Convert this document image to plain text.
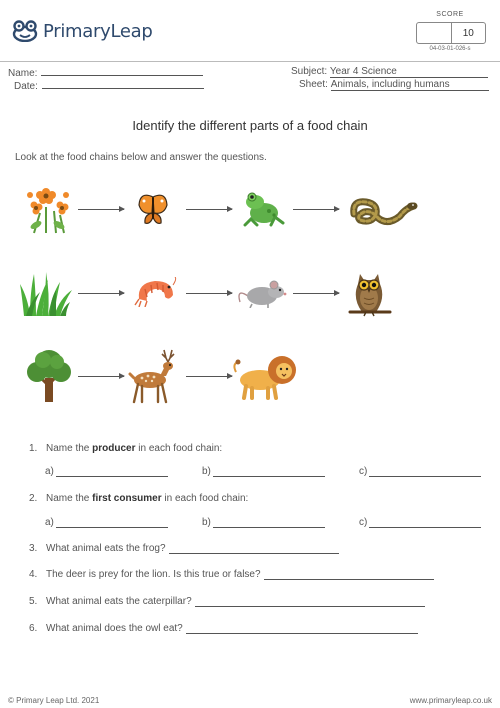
PrimaryLeap
SCORE
10
04-03-01-026-s
Name:
Date:
Subject: Year 4 Science
Sheet: Animals, including humans
Identify the different parts of a food chain
Look at the food chains below and answer the questions.
1. Name the producer in each food chain:
a)	b)	c)
2. Name the first consumer in each food chain:
a)	b)	c)
3. What animal eats the frog?
4. The deer is prey for the lion. Is this true or false?
5. What animal eats the caterpillar?
6. What animal does the owl eat?
© Primary Leap Ltd. 2021	www.primaryleap.co.uk
